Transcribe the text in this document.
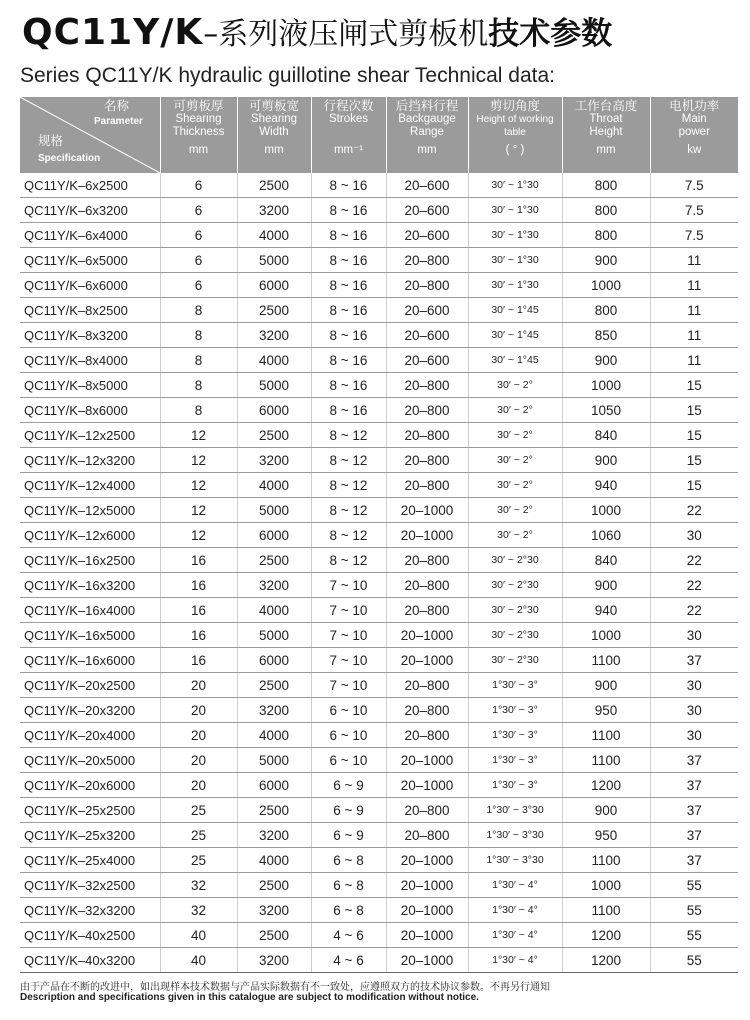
QC11Y/K–系列液压闸式剪板机技术参数
Series QC11Y/K hydraulic guillotine shear Technical data:
名称
Parameter
规格
Specification	可剪板厚
Shearing
Thickness
mm	可剪板宽
Shearing
Width
mm	行程次数
Strokes

mm⁻¹	后挡料行程
Backgauge
Range
mm	剪切角度
Height of working
table
( ° )	工作台高度
Throat
Height
mm	电机功率
Main
power
kw

QC11Y/K–6x2500	6	2500	8 ~ 16	20–600	30′ ~ 1°30	800	7.5
QC11Y/K–6x3200	6	3200	8 ~ 16	20–600	30′ ~ 1°30	800	7.5
QC11Y/K–6x4000	6	4000	8 ~ 16	20–600	30′ ~ 1°30	800	7.5
QC11Y/K–6x5000	6	5000	8 ~ 16	20–800	30′ ~ 1°30	900	11
QC11Y/K–6x6000	6	6000	8 ~ 16	20–800	30′ ~ 1°30	1000	11
QC11Y/K–8x2500	8	2500	8 ~ 16	20–600	30′ ~ 1°45	800	11
QC11Y/K–8x3200	8	3200	8 ~ 16	20–600	30′ ~ 1°45	850	11
QC11Y/K–8x4000	8	4000	8 ~ 16	20–600	30′ ~ 1°45	900	11
QC11Y/K–8x5000	8	5000	8 ~ 16	20–800	30′ ~ 2°	1000	15
QC11Y/K–8x6000	8	6000	8 ~ 16	20–800	30′ ~ 2°	1050	15
QC11Y/K–12x2500	12	2500	8 ~ 12	20–800	30′ ~ 2°	840	15
QC11Y/K–12x3200	12	3200	8 ~ 12	20–800	30′ ~ 2°	900	15
QC11Y/K–12x4000	12	4000	8 ~ 12	20–800	30′ ~ 2°	940	15
QC11Y/K–12x5000	12	5000	8 ~ 12	20–1000	30′ ~ 2°	1000	22
QC11Y/K–12x6000	12	6000	8 ~ 12	20–1000	30′ ~ 2°	1060	30
QC11Y/K–16x2500	16	2500	8 ~ 12	20–800	30′ ~ 2°30	840	22
QC11Y/K–16x3200	16	3200	7 ~ 10	20–800	30′ ~ 2°30	900	22
QC11Y/K–16x4000	16	4000	7 ~ 10	20–800	30′ ~ 2°30	940	22
QC11Y/K–16x5000	16	5000	7 ~ 10	20–1000	30′ ~ 2°30	1000	30
QC11Y/K–16x6000	16	6000	7 ~ 10	20–1000	30′ ~ 2°30	1100	37
QC11Y/K–20x2500	20	2500	7 ~ 10	20–800	1°30′ ~ 3°	900	30
QC11Y/K–20x3200	20	3200	6 ~ 10	20–800	1°30′ ~ 3°	950	30
QC11Y/K–20x4000	20	4000	6 ~ 10	20–800	1°30′ ~ 3°	1100	30
QC11Y/K–20x5000	20	5000	6 ~ 10	20–1000	1°30′ ~ 3°	1100	37
QC11Y/K–20x6000	20	6000	6 ~ 9	20–1000	1°30′ ~ 3°	1200	37
QC11Y/K–25x2500	25	2500	6 ~ 9	20–800	1°30′ ~ 3°30	900	37
QC11Y/K–25x3200	25	3200	6 ~ 9	20–800	1°30′ ~ 3°30	950	37
QC11Y/K–25x4000	25	4000	6 ~ 8	20–1000	1°30′ ~ 3°30	1100	37
QC11Y/K–32x2500	32	2500	6 ~ 8	20–1000	1°30′ ~ 4°	1000	55
QC11Y/K–32x3200	32	3200	6 ~ 8	20–1000	1°30′ ~ 4°	1100	55
QC11Y/K–40x2500	40	2500	4 ~ 6	20–1000	1°30′ ~ 4°	1200	55
QC11Y/K–40x3200	40	3200	4 ~ 6	20–1000	1°30′ ~ 4°	1200	55
由于产品在不断的改进中，如出现样本技术数据与产品实际数据有不一致处，应遵照双方的技术协议参数。不再另行通知
Description and specifications given in this catalogue are subject to modification without notice.
